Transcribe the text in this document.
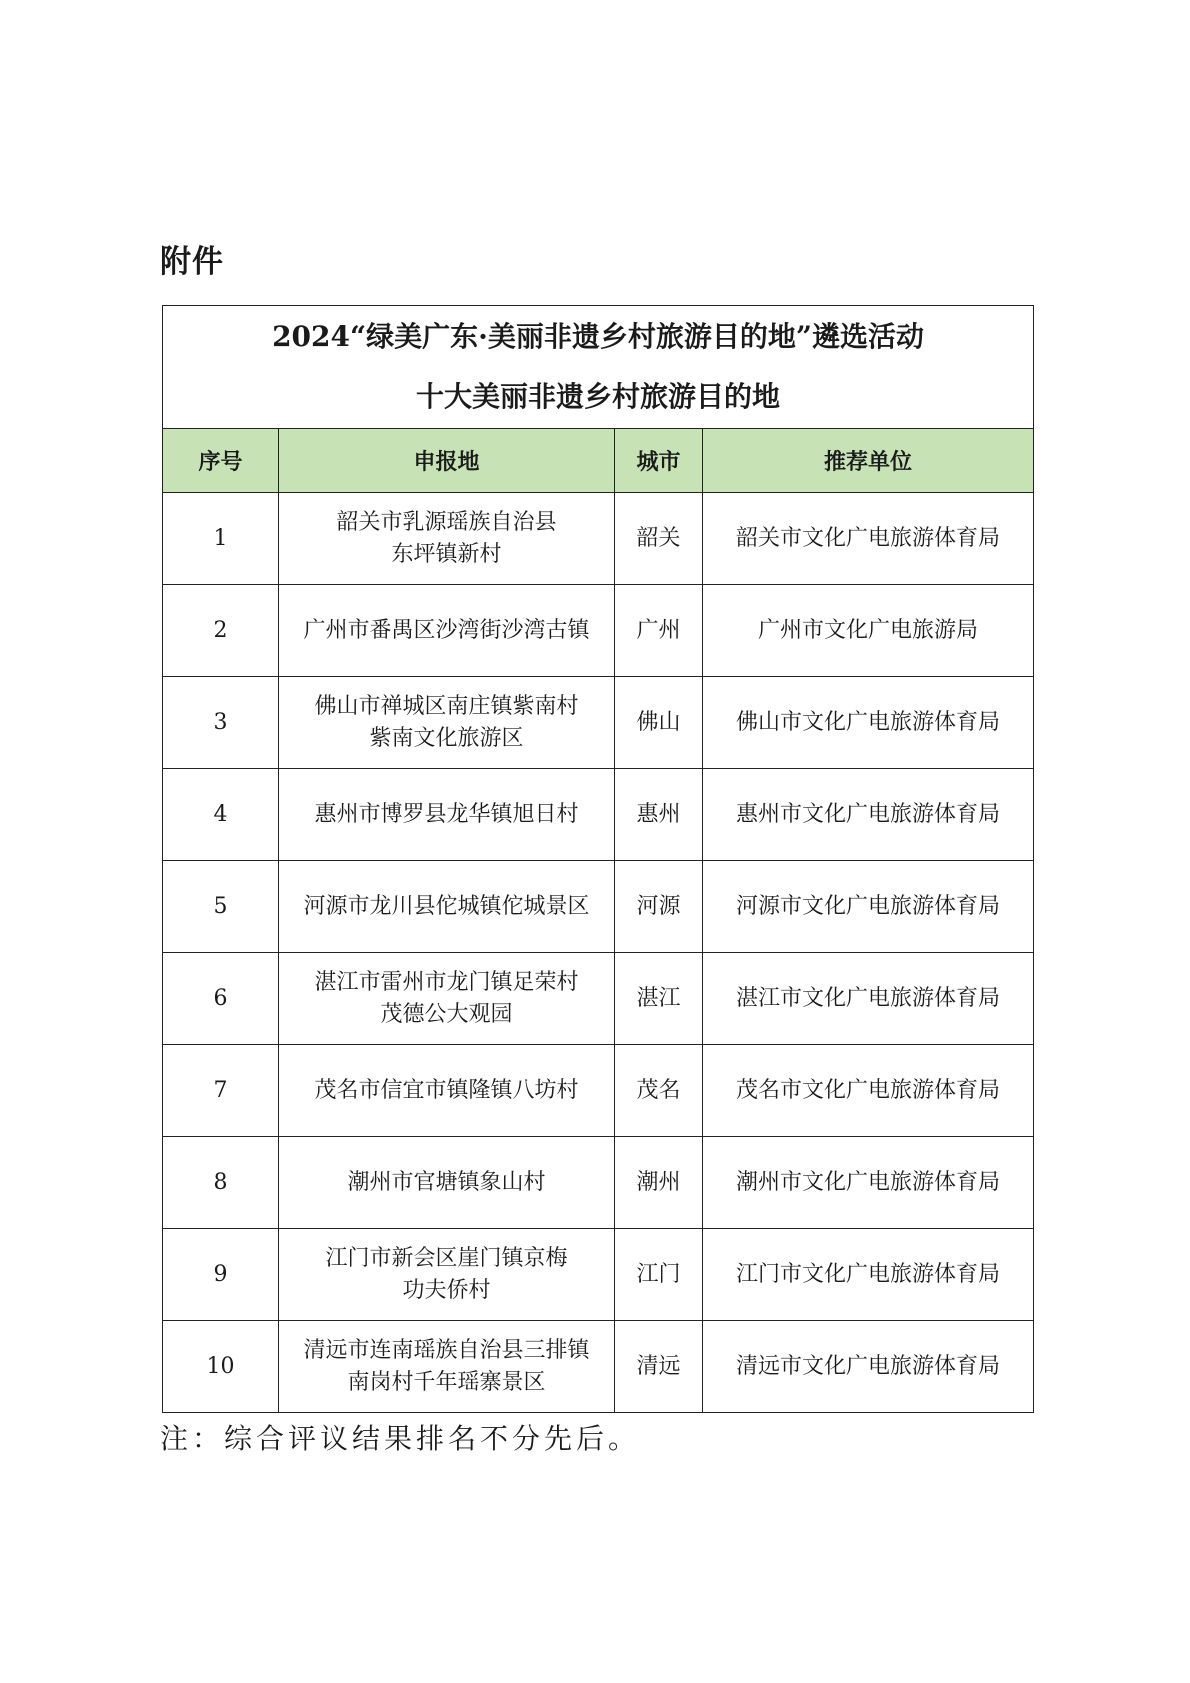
附件
2024“绿美广东·美丽非遗乡村旅游目的地”遴选活动
十大美丽非遗乡村旅游目的地			

序号	申报地	城市	推荐单位
1	韶关市乳源瑶族自治县
东坪镇新村	韶关	韶关市文化广电旅游体育局
2	广州市番禺区沙湾街沙湾古镇	广州	广州市文化广电旅游局
3	佛山市禅城区南庄镇紫南村
紫南文化旅游区	佛山	佛山市文化广电旅游体育局
4	惠州市博罗县龙华镇旭日村	惠州	惠州市文化广电旅游体育局
5	河源市龙川县佗城镇佗城景区	河源	河源市文化广电旅游体育局
6	湛江市雷州市龙门镇足荣村
茂德公大观园	湛江	湛江市文化广电旅游体育局
7	茂名市信宜市镇隆镇八坊村	茂名	茂名市文化广电旅游体育局
8	潮州市官塘镇象山村	潮州	潮州市文化广电旅游体育局
9	江门市新会区崖门镇京梅
功夫侨村	江门	江门市文化广电旅游体育局
10	清远市连南瑶族自治县三排镇
南岗村千年瑶寨景区	清远	清远市文化广电旅游体育局
注：综合评议结果排名不分先后。
